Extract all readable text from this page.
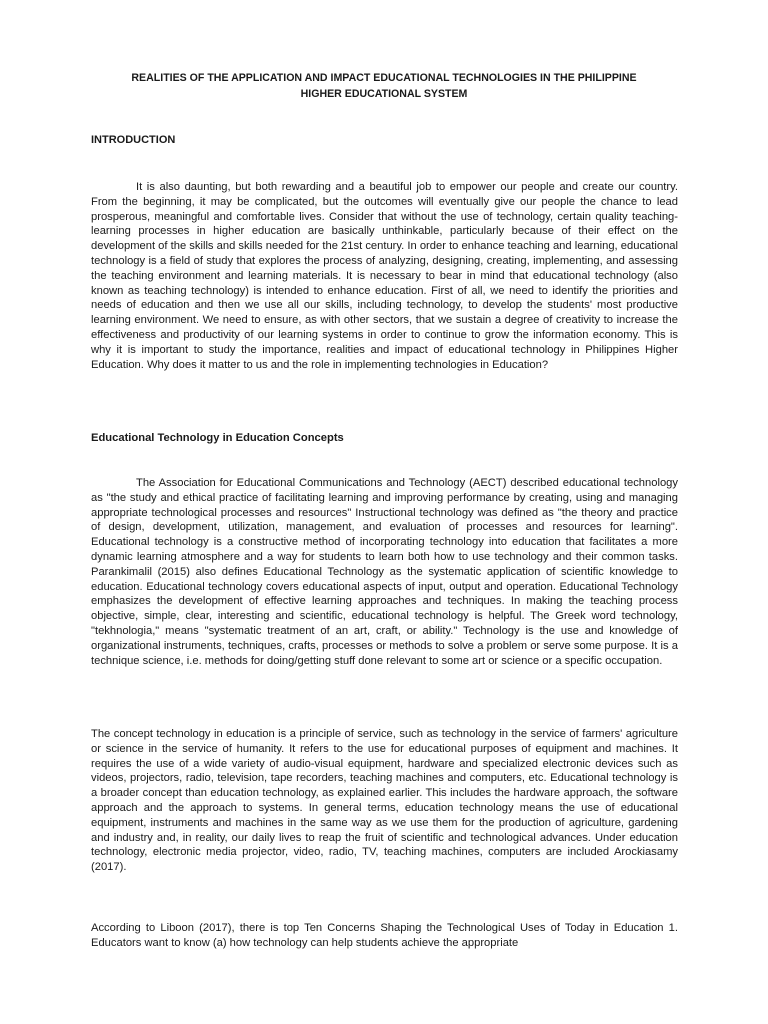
REALITIES OF THE APPLICATION AND IMPACT EDUCATIONAL TECHNOLOGIES IN THE PHILIPPINE
HIGHER EDUCATIONAL SYSTEM
INTRODUCTION

It is also daunting, but both rewarding and a beautiful job to empower our people and create our country. From the beginning, it may be complicated, but the outcomes will eventually give our people the chance to lead prosperous, meaningful and comfortable lives. Consider that without the use of technology, certain quality teaching-learning processes in higher education are basically unthinkable, particularly because of their effect on the development of the skills and skills needed for the 21st century. In order to enhance teaching and learning, educational technology is a field of study that explores the process of analyzing, designing, creating, implementing, and assessing the teaching environment and learning materials. It is necessary to bear in mind that educational technology (also known as teaching technology) is intended to enhance education. First of all, we need to identify the priorities and needs of education and then we use all our skills, including technology, to develop the students' most productive learning environment. We need to ensure, as with other sectors, that we sustain a degree of creativity to increase the effectiveness and productivity of our learning systems in order to continue to grow the information economy. This is why it is important to study the importance, realities and impact of educational technology in Philippines Higher Education. Why does it matter to us and the role in implementing technologies in Education?

Educational Technology in Education Concepts

The Association for Educational Communications and Technology (AECT) described educational technology as "the study and ethical practice of facilitating learning and improving performance by creating, using and managing appropriate technological processes and resources" Instructional technology was defined as "the theory and practice of design, development, utilization, management, and evaluation of processes and resources for learning". Educational technology is a constructive method of incorporating technology into education that facilitates a more dynamic learning atmosphere and a way for students to learn both how to use technology and their common tasks. Parankimalil (2015) also defines Educational Technology as the systematic application of scientific knowledge to education. Educational technology covers educational aspects of input, output and operation. Educational Technology emphasizes the development of effective learning approaches and techniques. In making the teaching process objective, simple, clear, interesting and scientific, educational technology is helpful. The Greek word technology, "tekhnologia," means "systematic treatment of an art, craft, or ability." Technology is the use and knowledge of organizational instruments, techniques, crafts, processes or methods to solve a problem or serve some purpose. It is a technique science, i.e. methods for doing/getting stuff done relevant to some art or science or a specific occupation.

The concept technology in education is a principle of service, such as technology in the service of farmers' agriculture or science in the service of humanity. It refers to the use for educational purposes of equipment and machines. It requires the use of a wide variety of audio-visual equipment, hardware and specialized electronic devices such as videos, projectors, radio, television, tape recorders, teaching machines and computers, etc. Educational technology is a broader concept than education technology, as explained earlier. This includes the hardware approach, the software approach and the approach to systems. In general terms, education technology means the use of educational equipment, instruments and machines in the same way as we use them for the production of agriculture, gardening and industry and, in reality, our daily lives to reap the fruit of scientific and technological advances. Under education technology, electronic media projector, video, radio, TV, teaching machines, computers are included Arockiasamy (2017).

According to Liboon (2017), there is top Ten Concerns Shaping the Technological Uses of Today in Education 1. Educators want to know (a) how technology can help students achieve the appropriate
